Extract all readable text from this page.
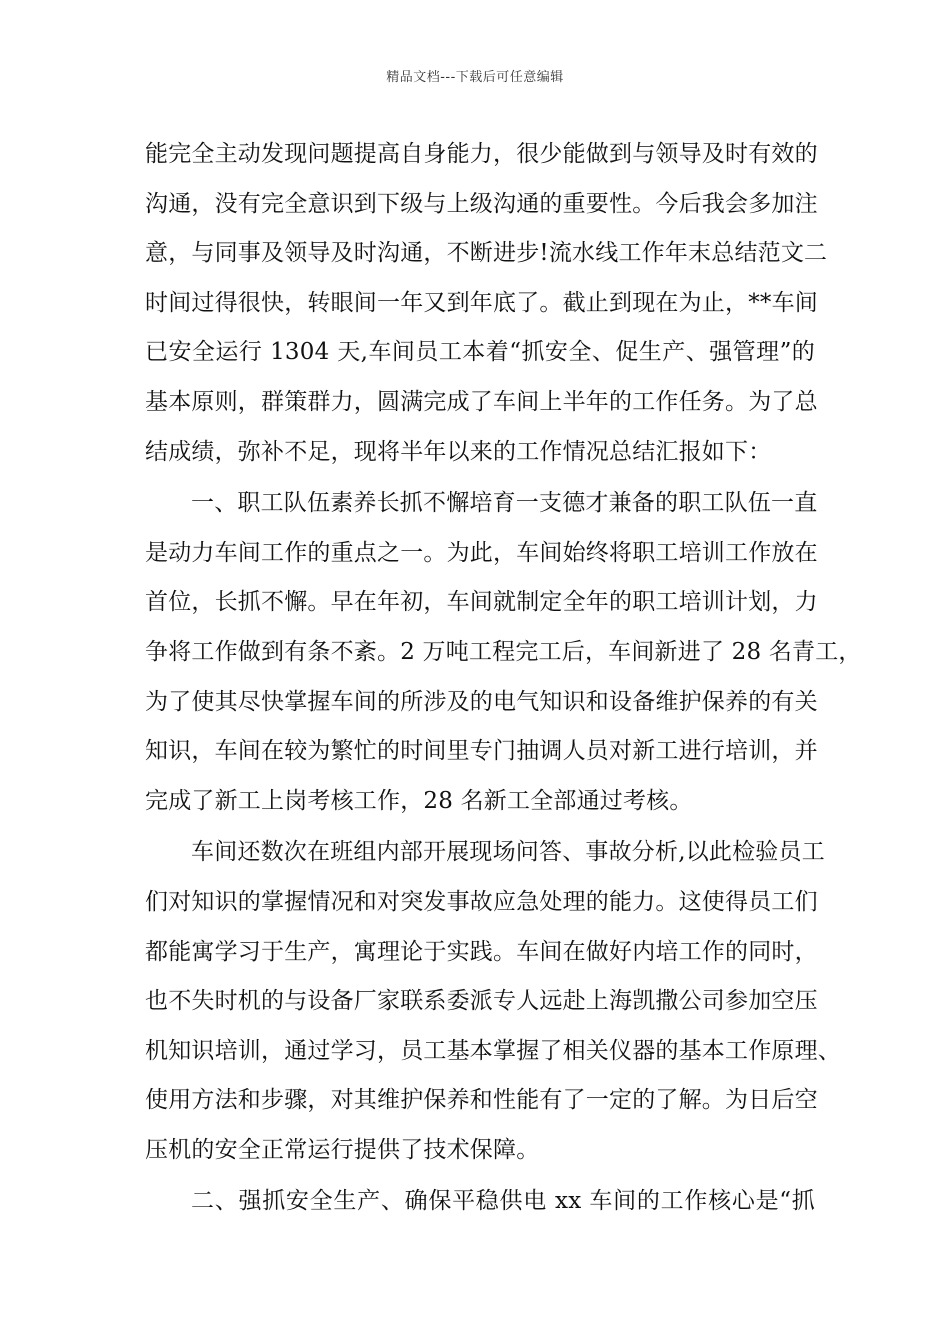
精品文档---下载后可任意编辑
能完全主动发现问题提高自身能力，很少能做到与领导及时有效的
沟通，没有完全意识到下级与上级沟通的重要性。今后我会多加注
意，与同事及领导及时沟通，不断进步!流水线工作年末总结范文二
时间过得很快，转眼间一年又到年底了。截止到现在为止，**车间
已安全运行 1304 天,车间员工本着“抓安全、促生产、强管理”的
基本原则，群策群力，圆满完成了车间上半年的工作任务。为了总
结成绩，弥补不足，现将半年以来的工作情况总结汇报如下：
一、职工队伍素养长抓不懈培育一支德才兼备的职工队伍一直
是动力车间工作的重点之一。为此，车间始终将职工培训工作放在
首位，长抓不懈。早在年初，车间就制定全年的职工培训计划，力
争将工作做到有条不紊。2 万吨工程完工后，车间新进了 28 名青工，
为了使其尽快掌握车间的所涉及的电气知识和设备维护保养的有关
知识，车间在较为繁忙的时间里专门抽调人员对新工进行培训，并
完成了新工上岗考核工作，28 名新工全部通过考核。
车间还数次在班组内部开展现场问答、事故分析,以此检验员工
们对知识的掌握情况和对突发事故应急处理的能力。这使得员工们
都能寓学习于生产，寓理论于实践。车间在做好内培工作的同时，
也不失时机的与设备厂家联系委派专人远赴上海凯撒公司参加空压
机知识培训，通过学习，员工基本掌握了相关仪器的基本工作原理、
使用方法和步骤，对其维护保养和性能有了一定的了解。为日后空
压机的安全正常运行提供了技术保障。
二、强抓安全生产、确保平稳供电 xx 车间的工作核心是“抓
